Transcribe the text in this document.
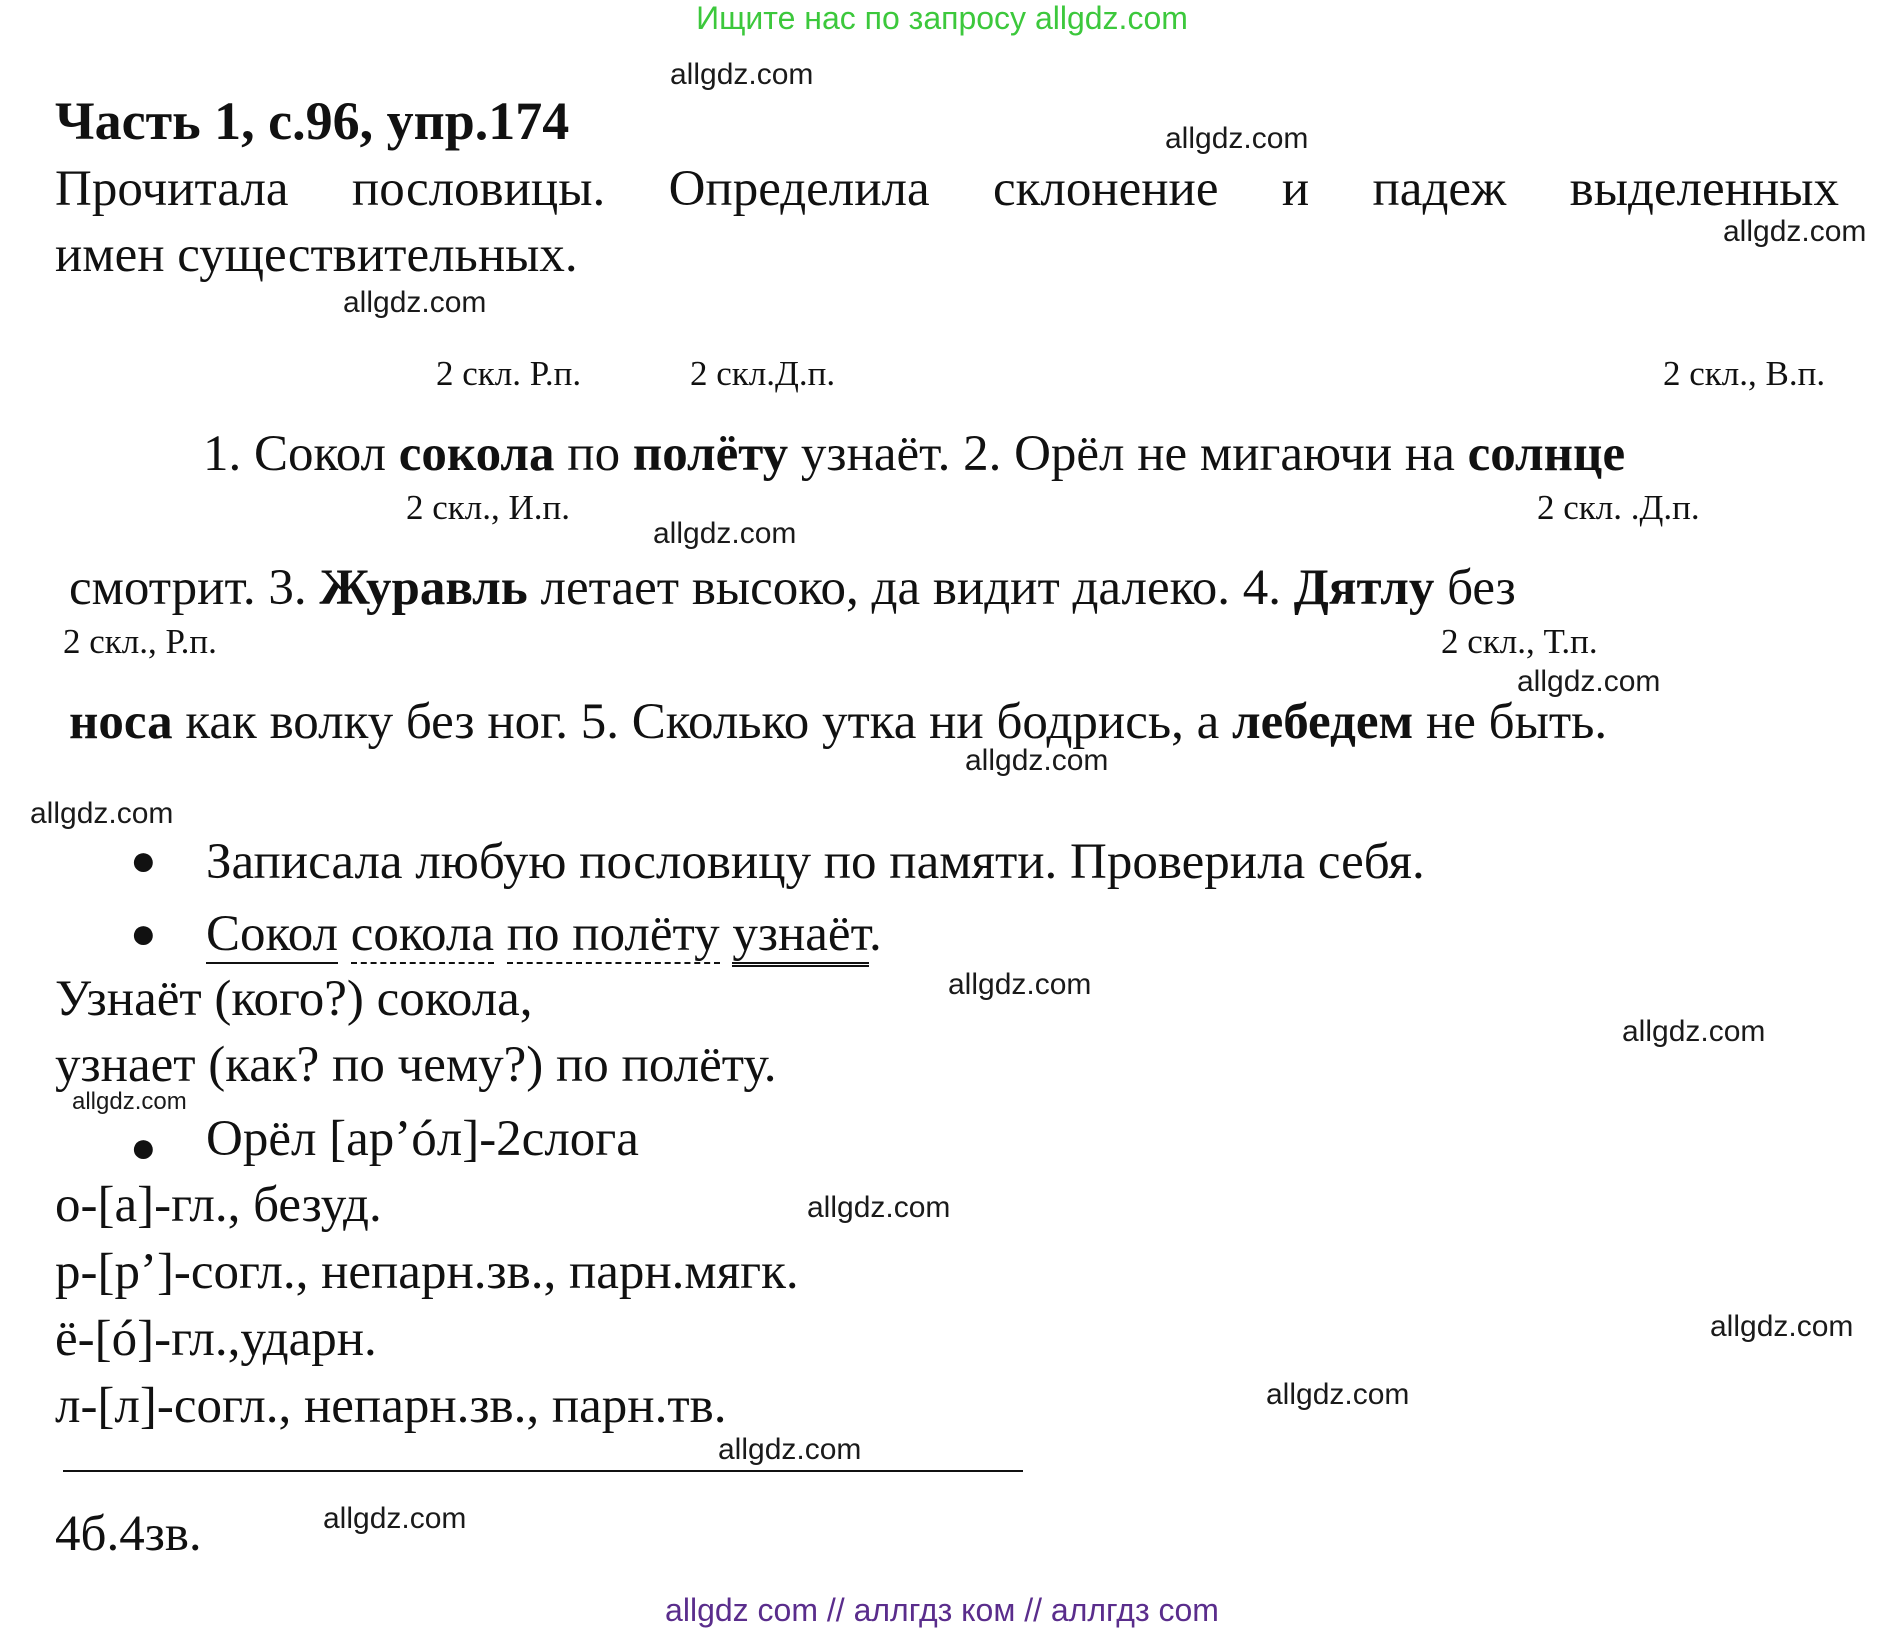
Ищите нас по запросу allgdz.com
allgdz com // аллгдз ком // аллгдз com
allgdz.com
allgdz.com
allgdz.com
allgdz.com
allgdz.com
allgdz.com
allgdz.com
allgdz.com
allgdz.com
allgdz.com
allgdz.com
allgdz.com
allgdz.com
allgdz.com
allgdz.com
allgdz.com
Часть 1, с.96, упр.174
Прочитала пословицы. Определила склонение и падеж выделенных
имен существительных.
2 скл. Р.п.	2 скл.Д.п.	2 скл., В.п.
1. Сокол сокола по полёту узнаёт. 2. Орёл не мигаючи на солнце
2 скл., И.п.	2 скл. .Д.п.
смотрит. 3. Журавль летает высоко, да видит далеко. 4. Дятлу без
2 скл., Р.п.	2 скл., Т.п.
носа как волку без ног. 5. Сколько утка ни бодрись, а лебедем не быть.
● Записала любую пословицу по памяти. Проверила себя.
● Сокол сокола по полёту узнаёт.
Узнаёт (кого?) сокола,
узнает (как? по чему?) по полёту.
● Орёл [ар’óл]-2слога
о-[а]-гл., безуд.
р-[р’]-согл., непарн.зв., парн.мягк.
ё-[ó]-гл.,ударн.
л-[л]-согл., непарн.зв., парн.тв.
4б.4зв.
